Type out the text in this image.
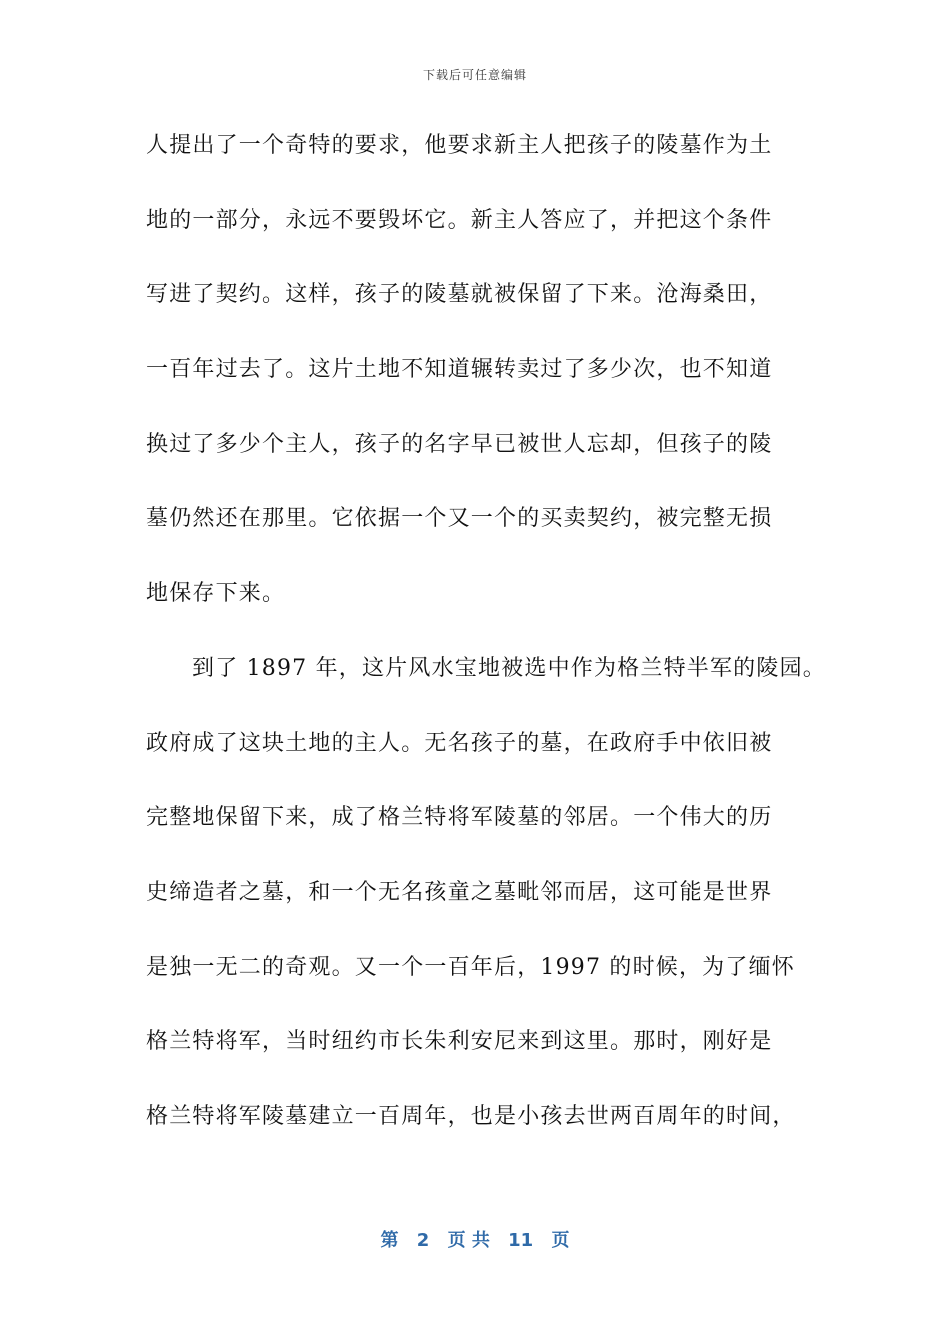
下载后可任意编辑
人提出了一个奇特的要求，他要求新主人把孩子的陵墓作为土
地的一部分，永远不要毁坏它。新主人答应了，并把这个条件
写进了契约。这样，孩子的陵墓就被保留了下来。沧海桑田，
一百年过去了。这片土地不知道辗转卖过了多少次，也不知道
换过了多少个主人，孩子的名字早已被世人忘却，但孩子的陵
墓仍然还在那里。它依据一个又一个的买卖契约，被完整无损
地保存下来。
到了 1897 年，这片风水宝地被选中作为格兰特半军的陵园。
政府成了这块土地的主人。无名孩子的墓，在政府手中依旧被
完整地保留下来，成了格兰特将军陵墓的邻居。一个伟大的历
史缔造者之墓，和一个无名孩童之墓毗邻而居，这可能是世界
是独一无二的奇观。又一个一百年后，1997 的时候，为了缅怀
格兰特将军，当时纽约市长朱利安尼来到这里。那时，刚好是
格兰特将军陵墓建立一百周年，也是小孩去世两百周年的时间，
第 2 页 共 11 页
